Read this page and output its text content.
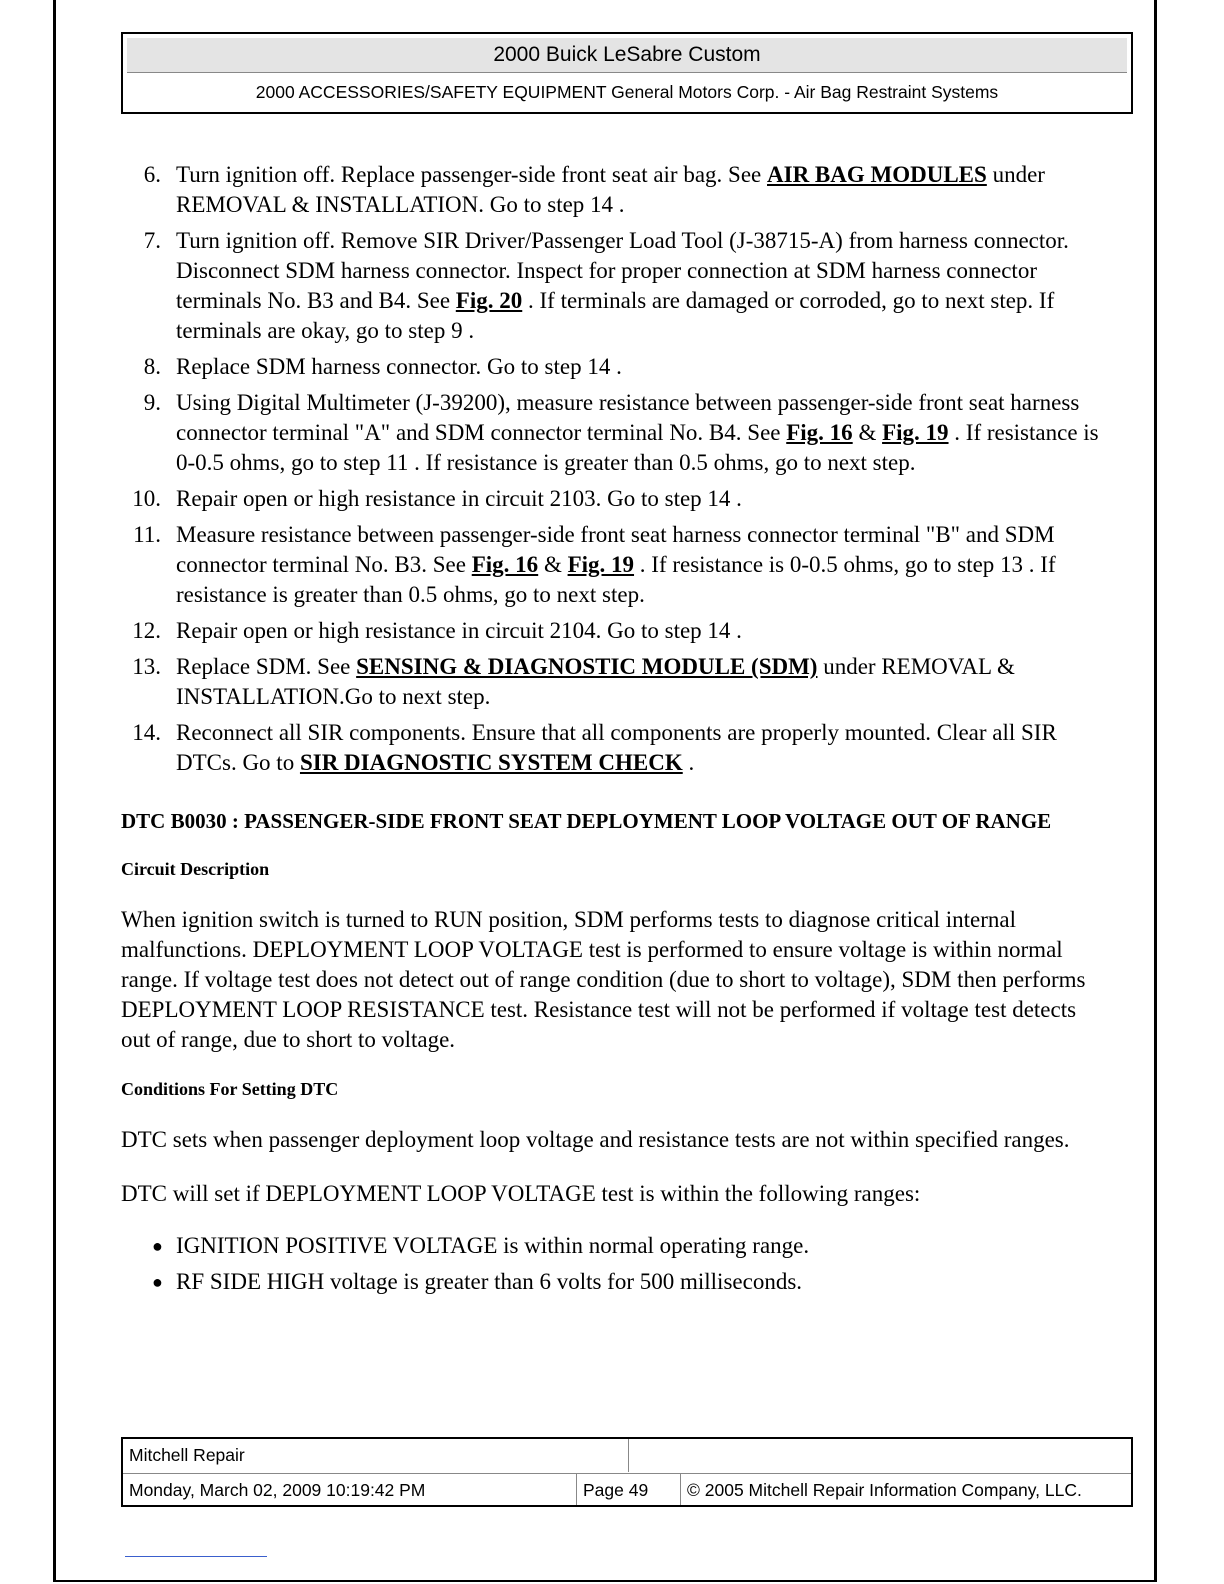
2000 Buick LeSabre Custom
2000 ACCESSORIES/SAFETY EQUIPMENT General Motors Corp. - Air Bag Restraint Systems
6. Turn ignition off. Replace passenger-side front seat air bag. See AIR BAG MODULES under REMOVAL & INSTALLATION. Go to step 14 .
7. Turn ignition off. Remove SIR Driver/Passenger Load Tool (J-38715-A) from harness connector. Disconnect SDM harness connector. Inspect for proper connection at SDM harness connector terminals No. B3 and B4. See Fig. 20 . If terminals are damaged or corroded, go to next step. If terminals are okay, go to step 9 .
8. Replace SDM harness connector. Go to step 14 .
9. Using Digital Multimeter (J-39200), measure resistance between passenger-side front seat harness connector terminal "A" and SDM connector terminal No. B4. See Fig. 16 & Fig. 19 . If resistance is 0-0.5 ohms, go to step 11 . If resistance is greater than 0.5 ohms, go to next step.
10. Repair open or high resistance in circuit 2103. Go to step 14 .
11. Measure resistance between passenger-side front seat harness connector terminal "B" and SDM connector terminal No. B3. See Fig. 16 & Fig. 19 . If resistance is 0-0.5 ohms, go to step 13 . If resistance is greater than 0.5 ohms, go to next step.
12. Repair open or high resistance in circuit 2104. Go to step 14 .
13. Replace SDM. See SENSING & DIAGNOSTIC MODULE (SDM) under REMOVAL & INSTALLATION.Go to next step.
14. Reconnect all SIR components. Ensure that all components are properly mounted. Clear all SIR DTCs. Go to SIR DIAGNOSTIC SYSTEM CHECK .
DTC B0030 : PASSENGER-SIDE FRONT SEAT DEPLOYMENT LOOP VOLTAGE OUT OF RANGE
Circuit Description

When ignition switch is turned to RUN position, SDM performs tests to diagnose critical internal malfunctions. DEPLOYMENT LOOP VOLTAGE test is performed to ensure voltage is within normal range. If voltage test does not detect out of range condition (due to short to voltage), SDM then performs DEPLOYMENT LOOP RESISTANCE test. Resistance test will not be performed if voltage test detects out of range, due to short to voltage.

Conditions For Setting DTC

DTC sets when passenger deployment loop voltage and resistance tests are not within specified ranges.

DTC will set if DEPLOYMENT LOOP VOLTAGE test is within the following ranges:

● IGNITION POSITIVE VOLTAGE is within normal operating range.
● RF SIDE HIGH voltage is greater than 6 volts for 500 milliseconds.
Mitchell Repair
Monday, March 02, 2009 10:19:42 PM	Page 49	© 2005 Mitchell Repair Information Company, LLC.
